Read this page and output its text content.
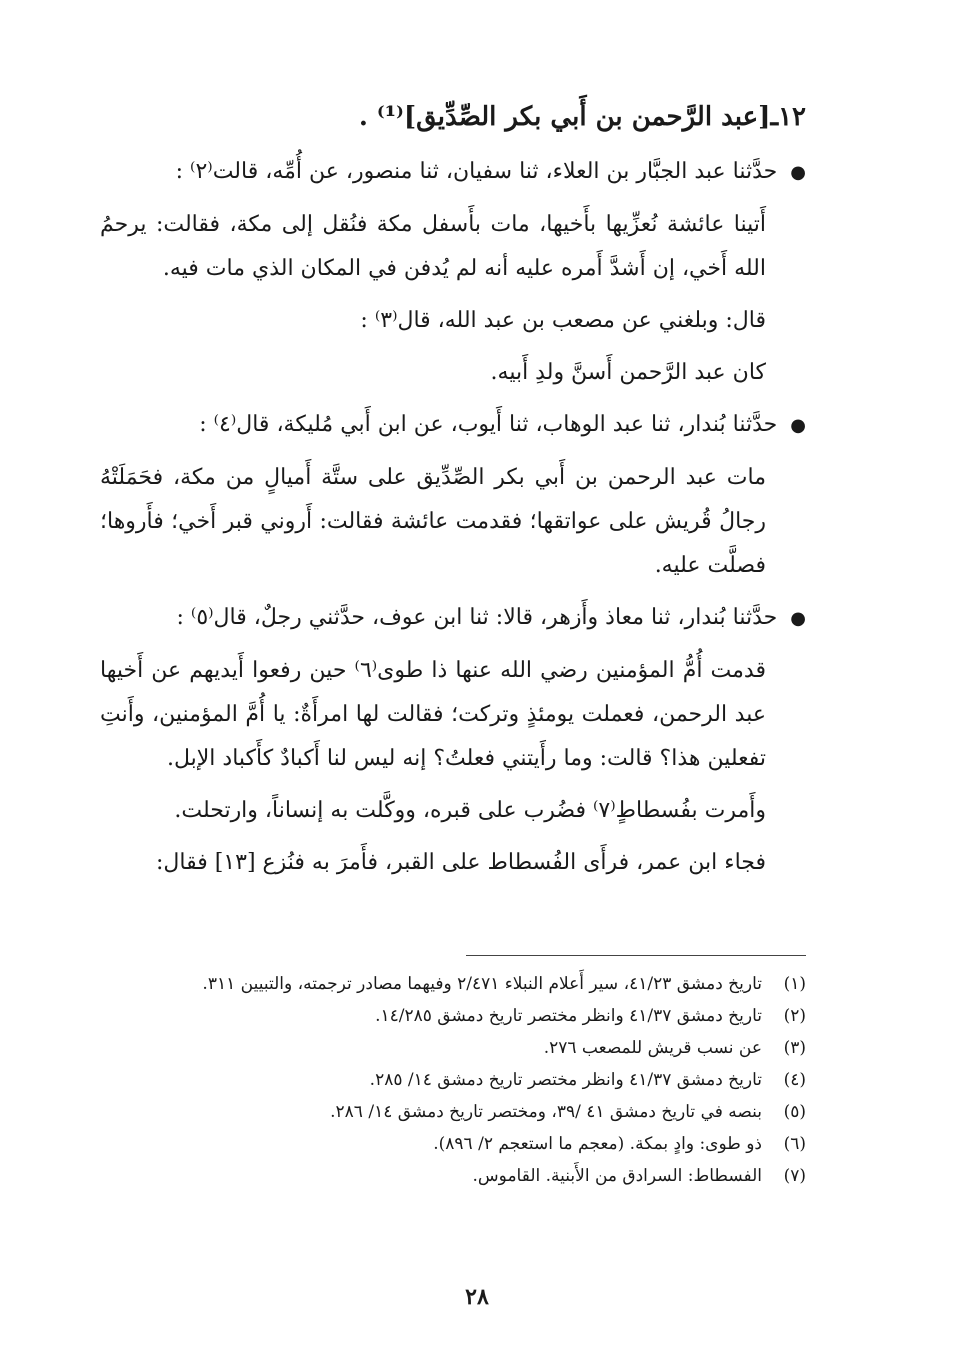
١٢ـ[عبد الرَّحمن بن أَبي بكر الصِّدِّيق]⁽¹⁾ .

● حدَّثنا عبد الجبَّار بن العلاء، ثنا سفيان، ثنا منصور، عن أُمِّه، قالت⁽٢⁾ :

أَتينا عائشة نُعزِّيها بأَخيها، مات بأَسفل مكة فنُقل إلى مكة، فقالت: يرحمُ الله أَخي، إن أَشدَّ أَمره عليه أنه لم يُدفن في المكان الذي مات فيه.

قال: وبلغني عن مصعب بن عبد الله، قال⁽٣⁾ :

كان عبد الرَّحمن أَسنَّ ولدِ أَبيه.

● حدَّثنا بُندار، ثنا عبد الوهاب، ثنا أَيوب، عن ابن أَبي مُليكة، قال⁽٤⁾ :

مات عبد الرحمن بن أَبي بكر الصِّدِّيق على ستَّة أَميالٍ من مكة، فحَمَلَتْهُ رجالُ قُريش على عواتقها؛ فقدمت عائشة فقالت: أَروني قبر أَخي؛ فأَروها؛ فصلَّت عليه.

● حدَّثنا بُندار، ثنا معاذ وأَزهر، قالا: ثنا ابن عوف، حدَّثني رجلٌ، قال⁽٥⁾ :

قدمت أُمُّ المؤمنين رضي الله عنها ذا طوى⁽٦⁾ حين رفعوا أَيديهم عن أَخيها عبد الرحمن، فعملت يومئذٍ وتركت؛ فقالت لها امرأَةٌ: يا أُمَّ المؤمنين، وأَنتِ تفعلين هذا؟ قالت: وما رأَيتني فعلتُ؟ إنه ليس لنا أَكبادٌ كأَكباد الإبل.

وأَمرت بفُسطاطٍ⁽٧⁾ فضُرب على قبره، ووكَّلت به إنساناً، وارتحلت.

فجاء ابن عمر، فرأَى الفُسطاط على القبر، فأَمرَ به فنُزع [١٣] فقال:

(١)
تاريخ دمشق ٤١/٢٣، سير أَعلام النبلاء ٢/٤٧١ وفيهما مصادر ترجمته، والتبيين ٣١١.
(٢)
تاريخ دمشق ٤١/٣٧ وانظر مختصر تاريخ دمشق ١٤/٢٨٥.
(٣)
عن نسب قريش للمصعب ٢٧٦.
(٤)
تاريخ دمشق ٤١/٣٧ وانظر مختصر تاريخ دمشق ١٤/ ٢٨٥.
(٥)
بنصه في تاريخ دمشق ٤١ /٣٩، ومختصر تاريخ دمشق ١٤/ ٢٨٦.
(٦)
ذو طوى: وادٍ بمكة. (معجم ما استعجم ٢/ ٨٩٦).
(٧)
الفسطاط: السرادق من الأَبنية. القاموس.
٢٨
